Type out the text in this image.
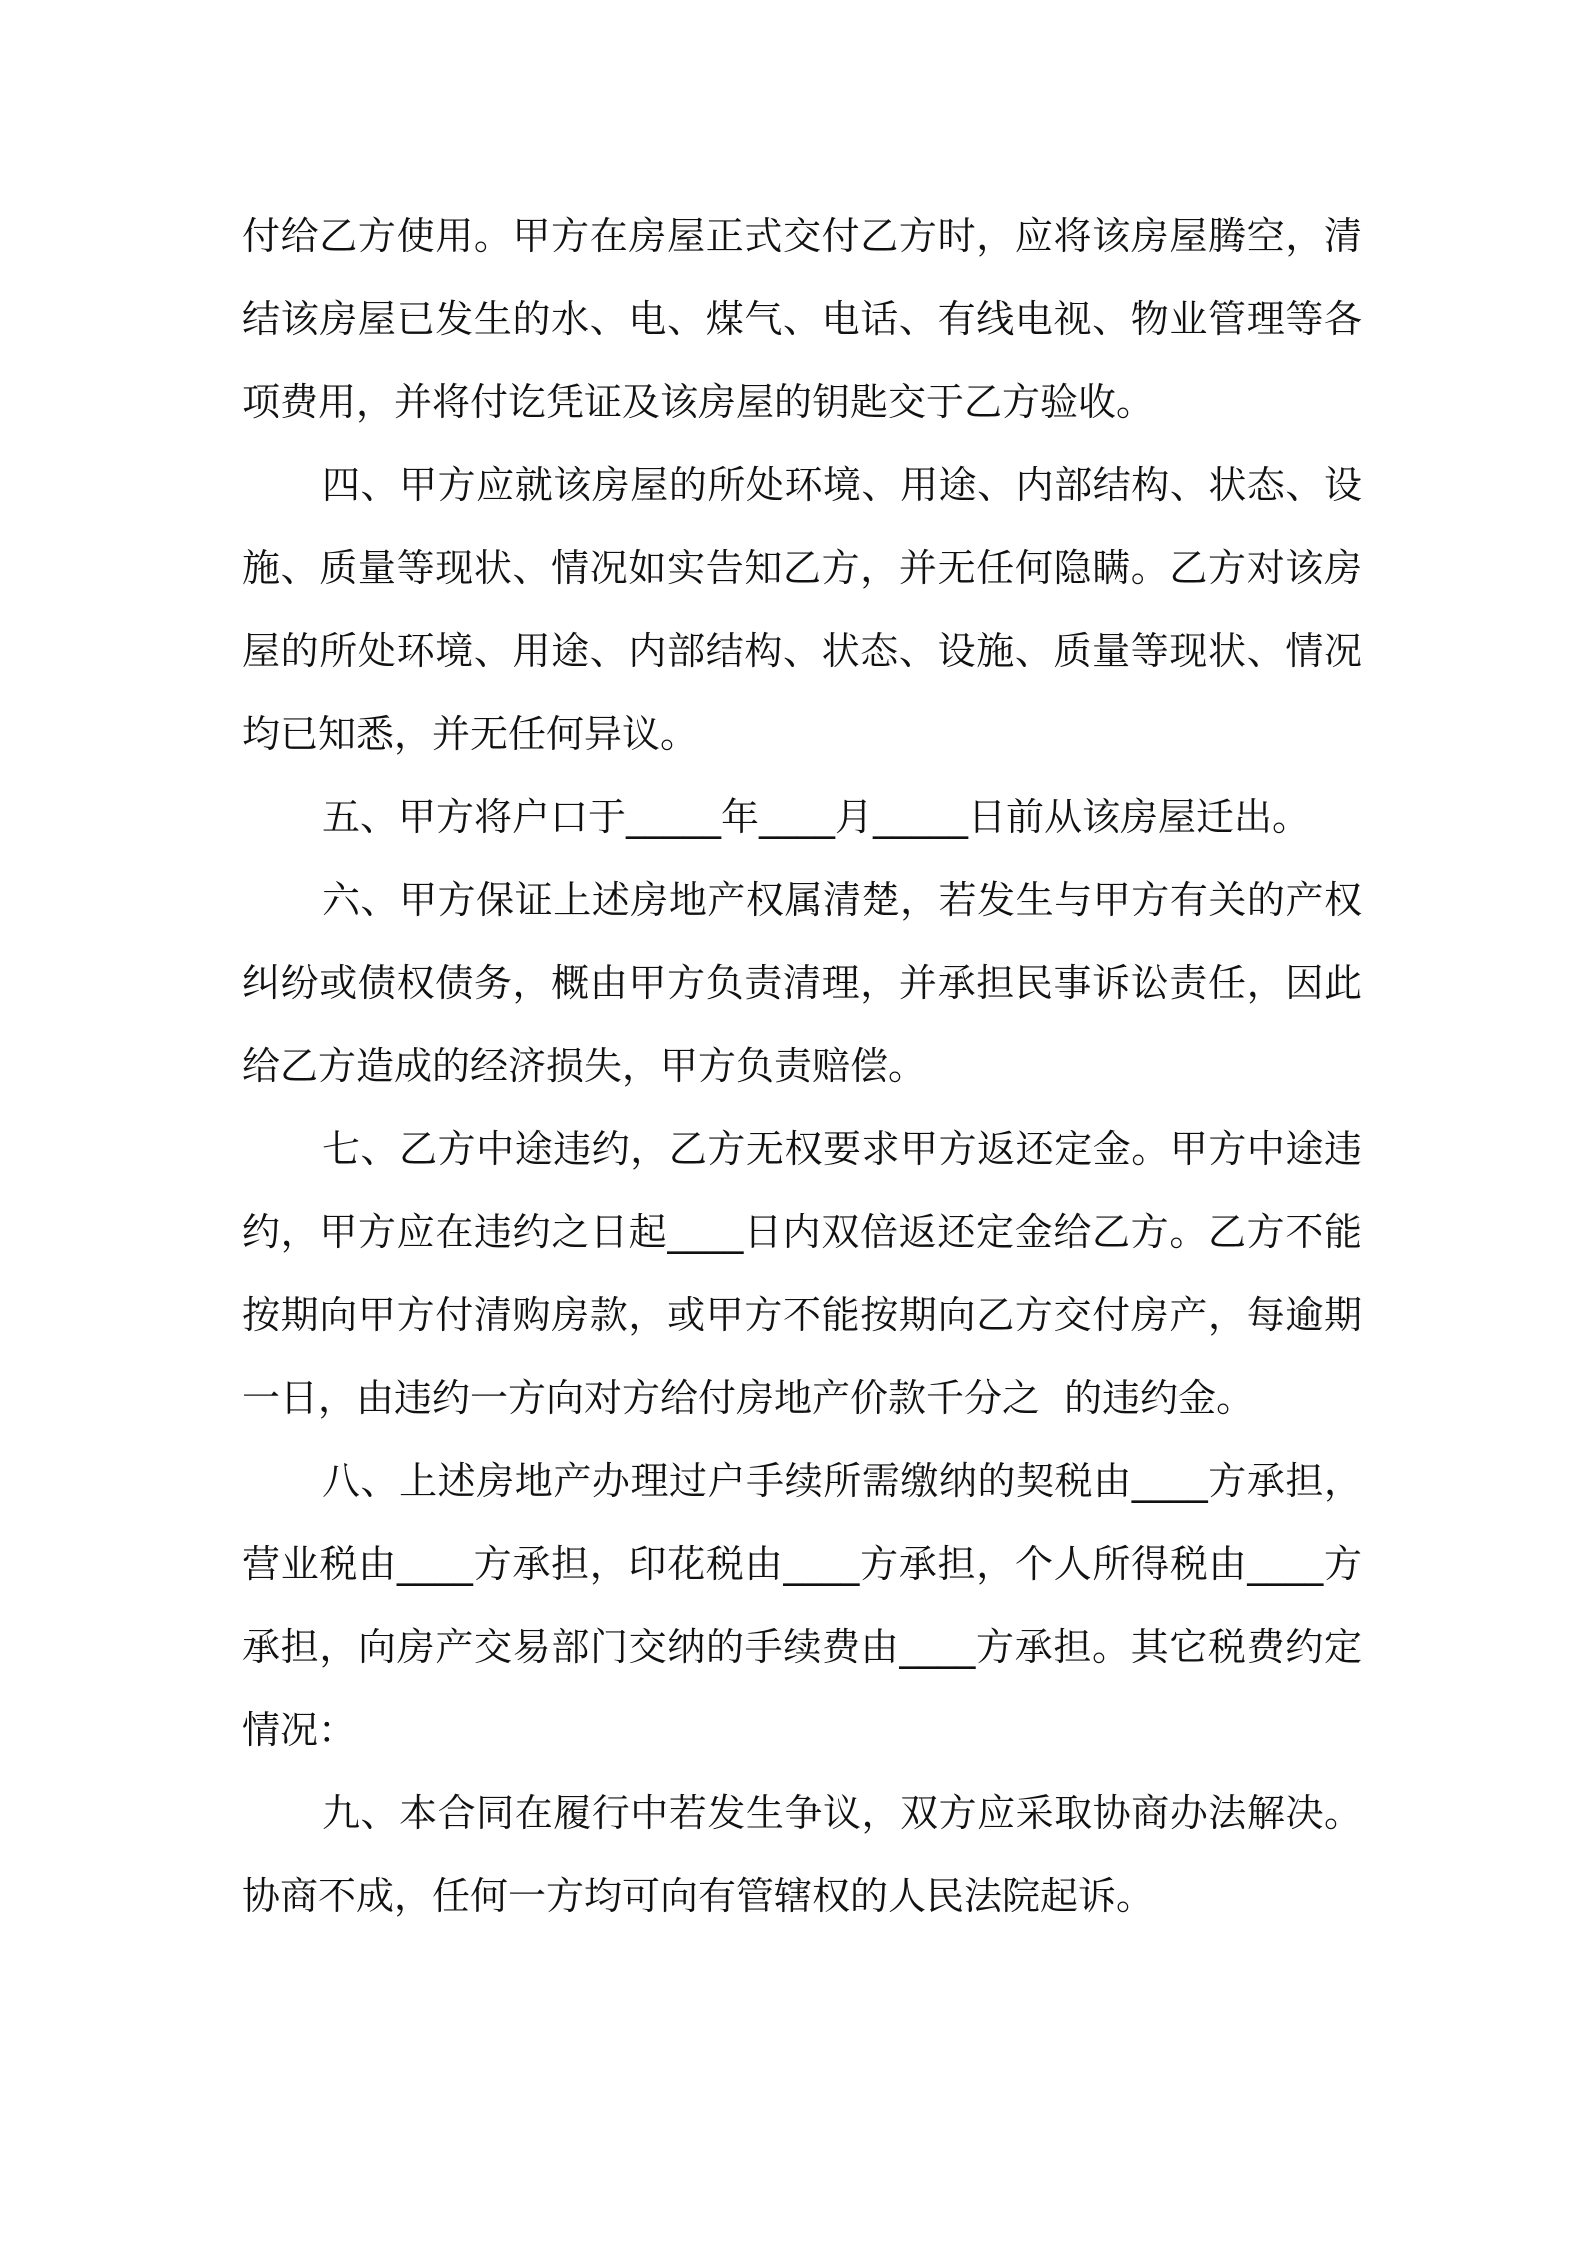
付给乙方使用。甲方在房屋正式交付乙方时，应将该房屋腾空，清结该房屋已发生的水、电、煤气、电话、有线电视、物业管理等各项费用，并将付讫凭证及该房屋的钥匙交于乙方验收。

四、甲方应就该房屋的所处环境、用途、内部结构、状态、设施、质量等现状、情况如实告知乙方，并无任何隐瞒。乙方对该房屋的所处环境、用途、内部结构、状态、设施、质量等现状、情况均已知悉，并无任何异议。

五、甲方将户口于_____年____月_____日前从该房屋迁出。

六、甲方保证上述房地产权属清楚，若发生与甲方有关的产权纠纷或债权债务，概由甲方负责清理，并承担民事诉讼责任，因此给乙方造成的经济损失，甲方负责赔偿。

七、乙方中途违约，乙方无权要求甲方返还定金。甲方中途违约，甲方应在违约之日起____日内双倍返还定金给乙方。乙方不能按期向甲方付清购房款，或甲方不能按期向乙方交付房产，每逾期一日，由违约一方向对方给付房地产价款千分之  的违约金。

八、上述房地产办理过户手续所需缴纳的契税由____方承担，营业税由____方承担，印花税由____方承担，个人所得税由____方承担，向房产交易部门交纳的手续费由____方承担。其它税费约定情况：

九、本合同在履行中若发生争议，双方应采取协商办法解决。协商不成，任何一方均可向有管辖权的人民法院起诉。
